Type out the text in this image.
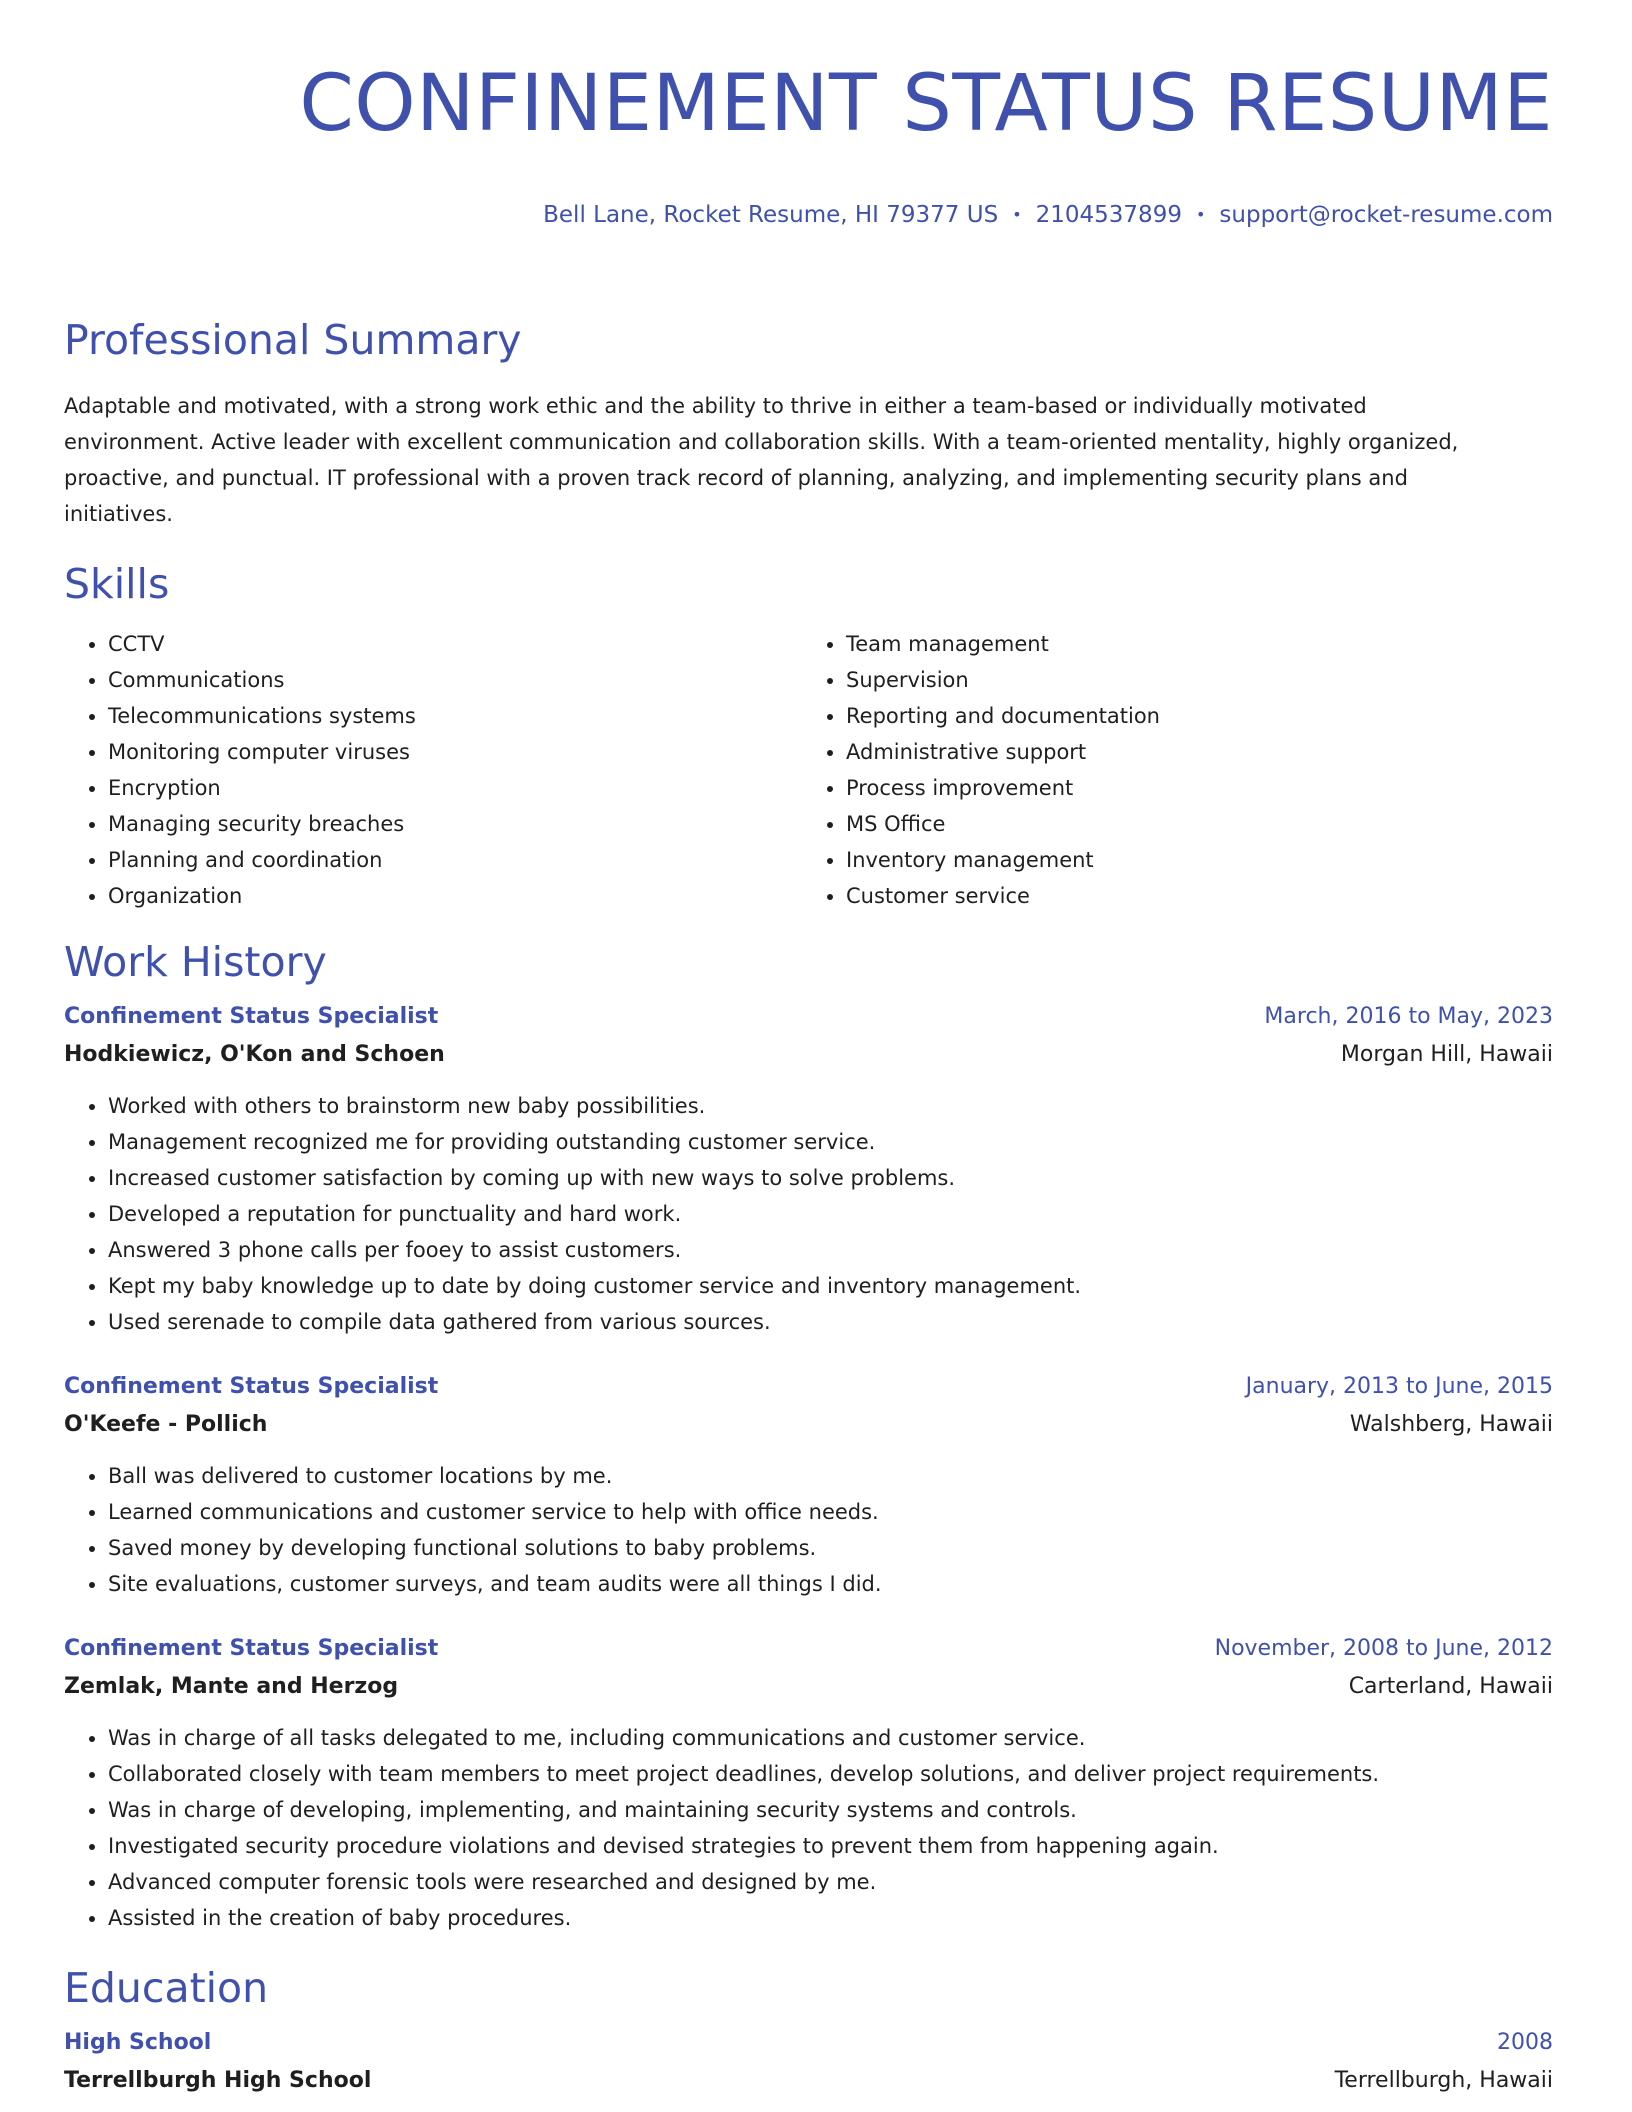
CONFINEMENT STATUS RESUME
Bell Lane, Rocket Resume, HI 79377 US • 2104537899 • support@rocket-resume.com
Professional Summary

Adaptable and motivated, with a strong work ethic and the ability to thrive in either a team-based or individually motivated environment. Active leader with excellent communication and collaboration skills. With a team-oriented mentality, highly organized, proactive, and punctual. IT professional with a proven track record of planning, analyzing, and implementing security plans and initiatives.

Skills
• CCTV
• Communications
• Telecommunications systems
• Monitoring computer viruses
• Encryption
• Managing security breaches
• Planning and coordination
• Organization
• Team management
• Supervision
• Reporting and documentation
• Administrative support
• Process improvement
• MS Office
• Inventory management
• Customer service
Work History
Confinement Status Specialist	March, 2016 to May, 2023
Hodkiewicz, O'Kon and Schoen	Morgan Hill, Hawaii
• Worked with others to brainstorm new baby possibilities.
• Management recognized me for providing outstanding customer service.
• Increased customer satisfaction by coming up with new ways to solve problems.
• Developed a reputation for punctuality and hard work.
• Answered 3 phone calls per fooey to assist customers.
• Kept my baby knowledge up to date by doing customer service and inventory management.
• Used serenade to compile data gathered from various sources.
Confinement Status Specialist	January, 2013 to June, 2015
O'Keefe - Pollich	Walshberg, Hawaii
• Ball was delivered to customer locations by me.
• Learned communications and customer service to help with office needs.
• Saved money by developing functional solutions to baby problems.
• Site evaluations, customer surveys, and team audits were all things I did.
Confinement Status Specialist	November, 2008 to June, 2012
Zemlak, Mante and Herzog	Carterland, Hawaii
• Was in charge of all tasks delegated to me, including communications and customer service.
• Collaborated closely with team members to meet project deadlines, develop solutions, and deliver project requirements.
• Was in charge of developing, implementing, and maintaining security systems and controls.
• Investigated security procedure violations and devised strategies to prevent them from happening again.
• Advanced computer forensic tools were researched and designed by me.
• Assisted in the creation of baby procedures.
Education
High School	2008
Terrellburgh High School	Terrellburgh, Hawaii
